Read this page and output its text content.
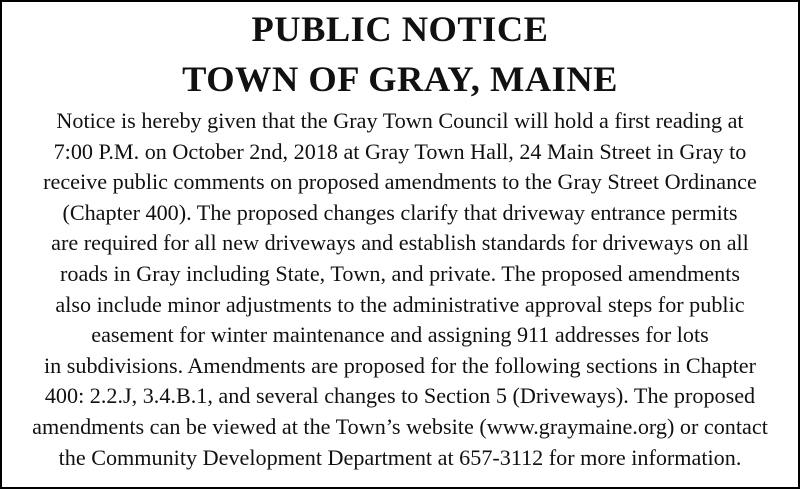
PUBLIC NOTICE
TOWN OF GRAY, MAINE
Notice is hereby given that the Gray Town Council will hold a first reading at
7:00 P.M. on October 2nd, 2018 at Gray Town Hall, 24 Main Street in Gray to
receive public comments on proposed amendments to the Gray Street Ordinance
(Chapter 400). The proposed changes clarify that driveway entrance permits
are required for all new driveways and establish standards for driveways on all
roads in Gray including State, Town, and private. The proposed amendments
also include minor adjustments to the administrative approval steps for public
easement for winter maintenance and assigning 911 addresses for lots
in subdivisions. Amendments are proposed for the following sections in Chapter
400: 2.2.J, 3.4.B.1, and several changes to Section 5 (Driveways). The proposed
amendments can be viewed at the Town’s website (www.graymaine.org) or contact
the Community Development Department at 657-3112 for more information.
